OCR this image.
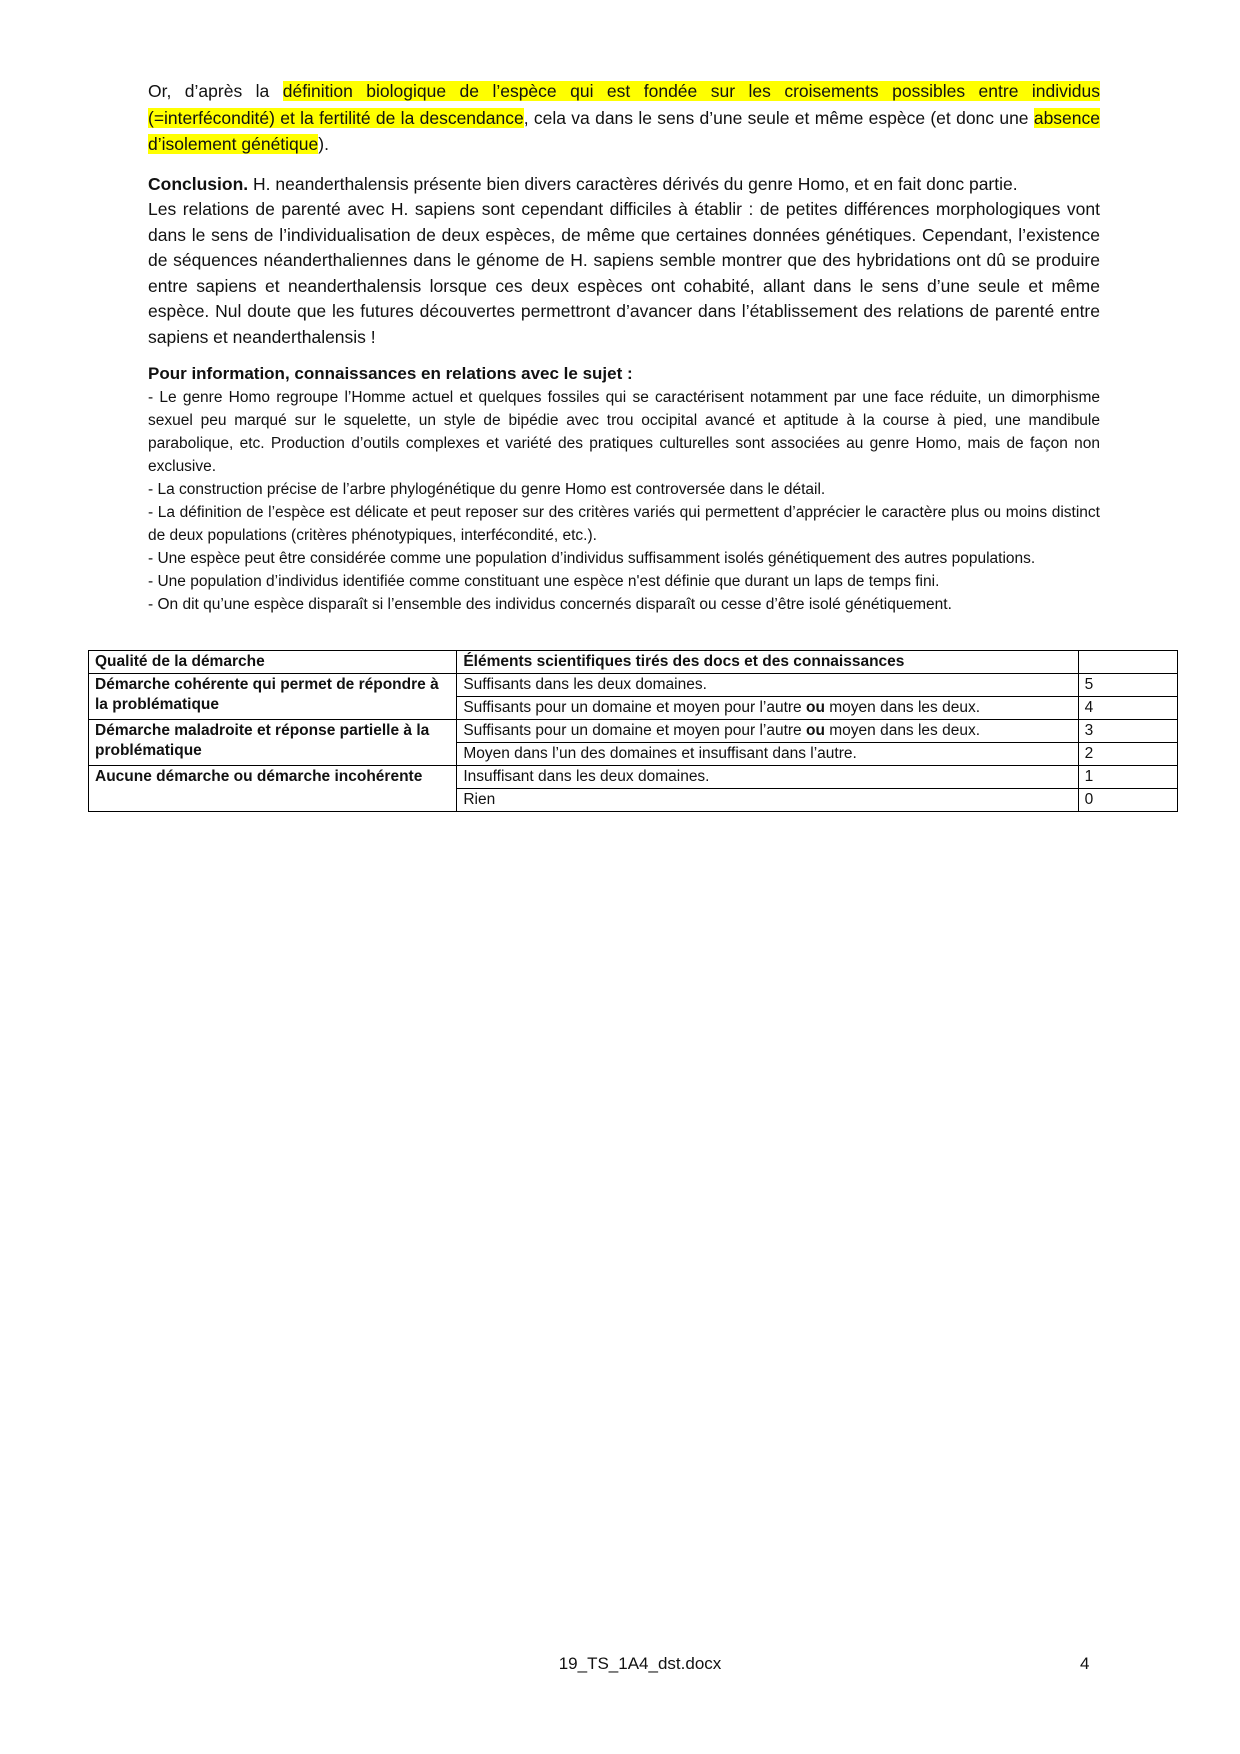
Or, d’après la définition biologique de l’espèce qui est fondée sur les croisements possibles entre individus (=interfécondité) et la fertilité de la descendance, cela va dans le sens d’une seule et même espèce (et donc une absence d’isolement génétique).

Conclusion. H. neanderthalensis présente bien divers caractères dérivés du genre Homo, et en fait donc partie.
Les relations de parenté avec H. sapiens sont cependant difficiles à établir : de petites différences morphologiques vont dans le sens de l’individualisation de deux espèces, de même que certaines données génétiques. Cependant, l’existence de séquences néanderthaliennes dans le génome de H. sapiens semble montrer que des hybridations ont dû se produire entre sapiens et neanderthalensis lorsque ces deux espèces ont cohabité, allant dans le sens d’une seule et même espèce. Nul doute que les futures découvertes permettront d’avancer dans l’établissement des relations de parenté entre sapiens et neanderthalensis !

Pour information, connaissances en relations avec le sujet :

- Le genre Homo regroupe l’Homme actuel et quelques fossiles qui se caractérisent notamment par une face réduite, un dimorphisme sexuel peu marqué sur le squelette, un style de bipédie avec trou occipital avancé et aptitude à la course à pied, une mandibule parabolique, etc. Production d’outils complexes et variété des pratiques culturelles sont associées au genre Homo, mais de façon non exclusive.
- La construction précise de l’arbre phylogénétique du genre Homo est controversée dans le détail.
- La définition de l’espèce est délicate et peut reposer sur des critères variés qui permettent d’apprécier le caractère plus ou moins distinct de deux populations (critères phénotypiques, interfécondité, etc.).
- Une espèce peut être considérée comme une population d’individus suffisamment isolés génétiquement des autres populations.
- Une population d’individus identifiée comme constituant une espèce n'est définie que durant un laps de temps fini.
- On dit qu’une espèce disparaît si l’ensemble des individus concernés disparaît ou cesse d’être isolé génétiquement.
Qualité de la démarche	Éléments scientifiques tirés des docs et des connaissances	
Démarche cohérente qui permet de répondre à la problématique	Suffisants dans les deux domaines.	5
	Suffisants pour un domaine et moyen pour l’autre ou moyen dans les deux.	4
Démarche maladroite et réponse partielle à la problématique	Suffisants pour un domaine et moyen pour l’autre ou moyen dans les deux.	3
	Moyen dans l’un des domaines et insuffisant dans l’autre.	2
Aucune démarche ou démarche incohérente	Insuffisant dans les deux domaines.	1
	Rien	0
19_TS_1A4_dst.docx	4
